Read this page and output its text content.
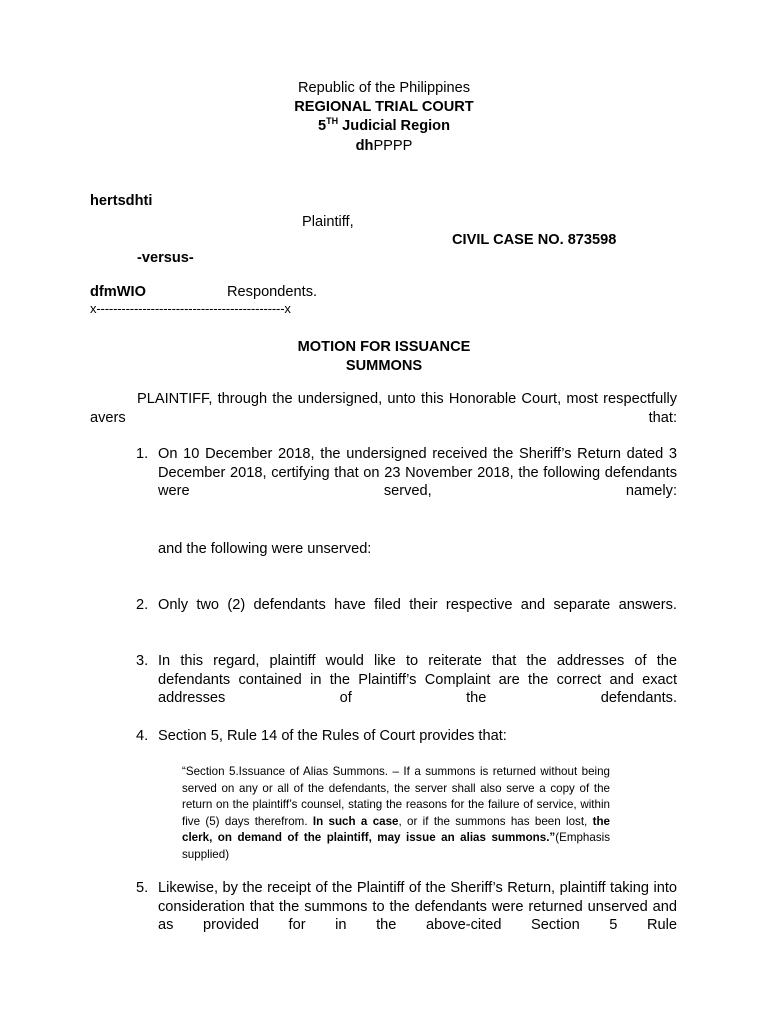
Republic of the Philippines
REGIONAL TRIAL COURT
5TH Judicial Region
dhPPPP
hertsdhti
Plaintiff,
CIVIL CASE NO. 873598
-versus-
dfmWIO	Respondents.
x---------------------------------------------x
MOTION FOR ISSUANCE
SUMMONS
PLAINTIFF, through the undersigned, unto this Honorable Court, most respectfully avers that:
1. On 10 December 2018, the undersigned received the Sheriff’s Return dated 3 December 2018, certifying that on 23 November 2018, the following defendants were served, namely:
and the following were unserved:
2. Only two (2) defendants have filed their respective and separate answers.
3. In this regard, plaintiff would like to reiterate that the addresses of the defendants contained in the Plaintiff’s Complaint are the correct and exact addresses of the defendants.
4. Section 5, Rule 14 of the Rules of Court provides that:
“Section 5.Issuance of Alias Summons. – If a summons is returned without being served on any or all of the defendants, the server shall also serve a copy of the return on the plaintiff’s counsel, stating the reasons for the failure of service, within five (5) days therefrom. In such a case, or if the summons has been lost, the clerk, on demand of the plaintiff, may issue an alias summons.”(Emphasis supplied)
5. Likewise, by the receipt of the Plaintiff of the Sheriff’s Return, plaintiff taking into consideration that the summons to the defendants were returned unserved and as provided for in the above-cited Section 5 Rule
